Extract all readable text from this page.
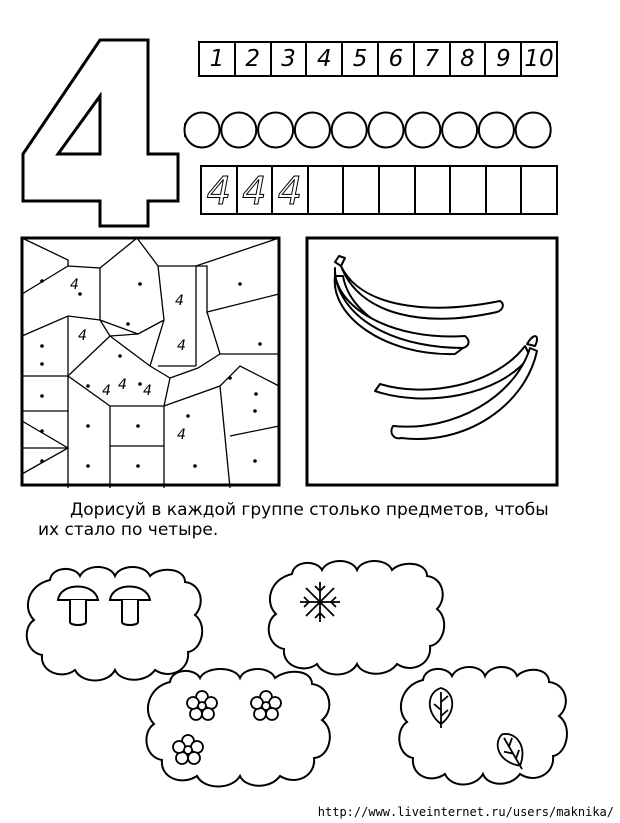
1 2 3 4 5 6 7 8 9 10
4 4 4
4
4
4
4
4
4 4
4
Дорисуй в каждой группе столько предметов, чтобы
их стало по четыре.
http://www.liveinternet.ru/users/maknika/
